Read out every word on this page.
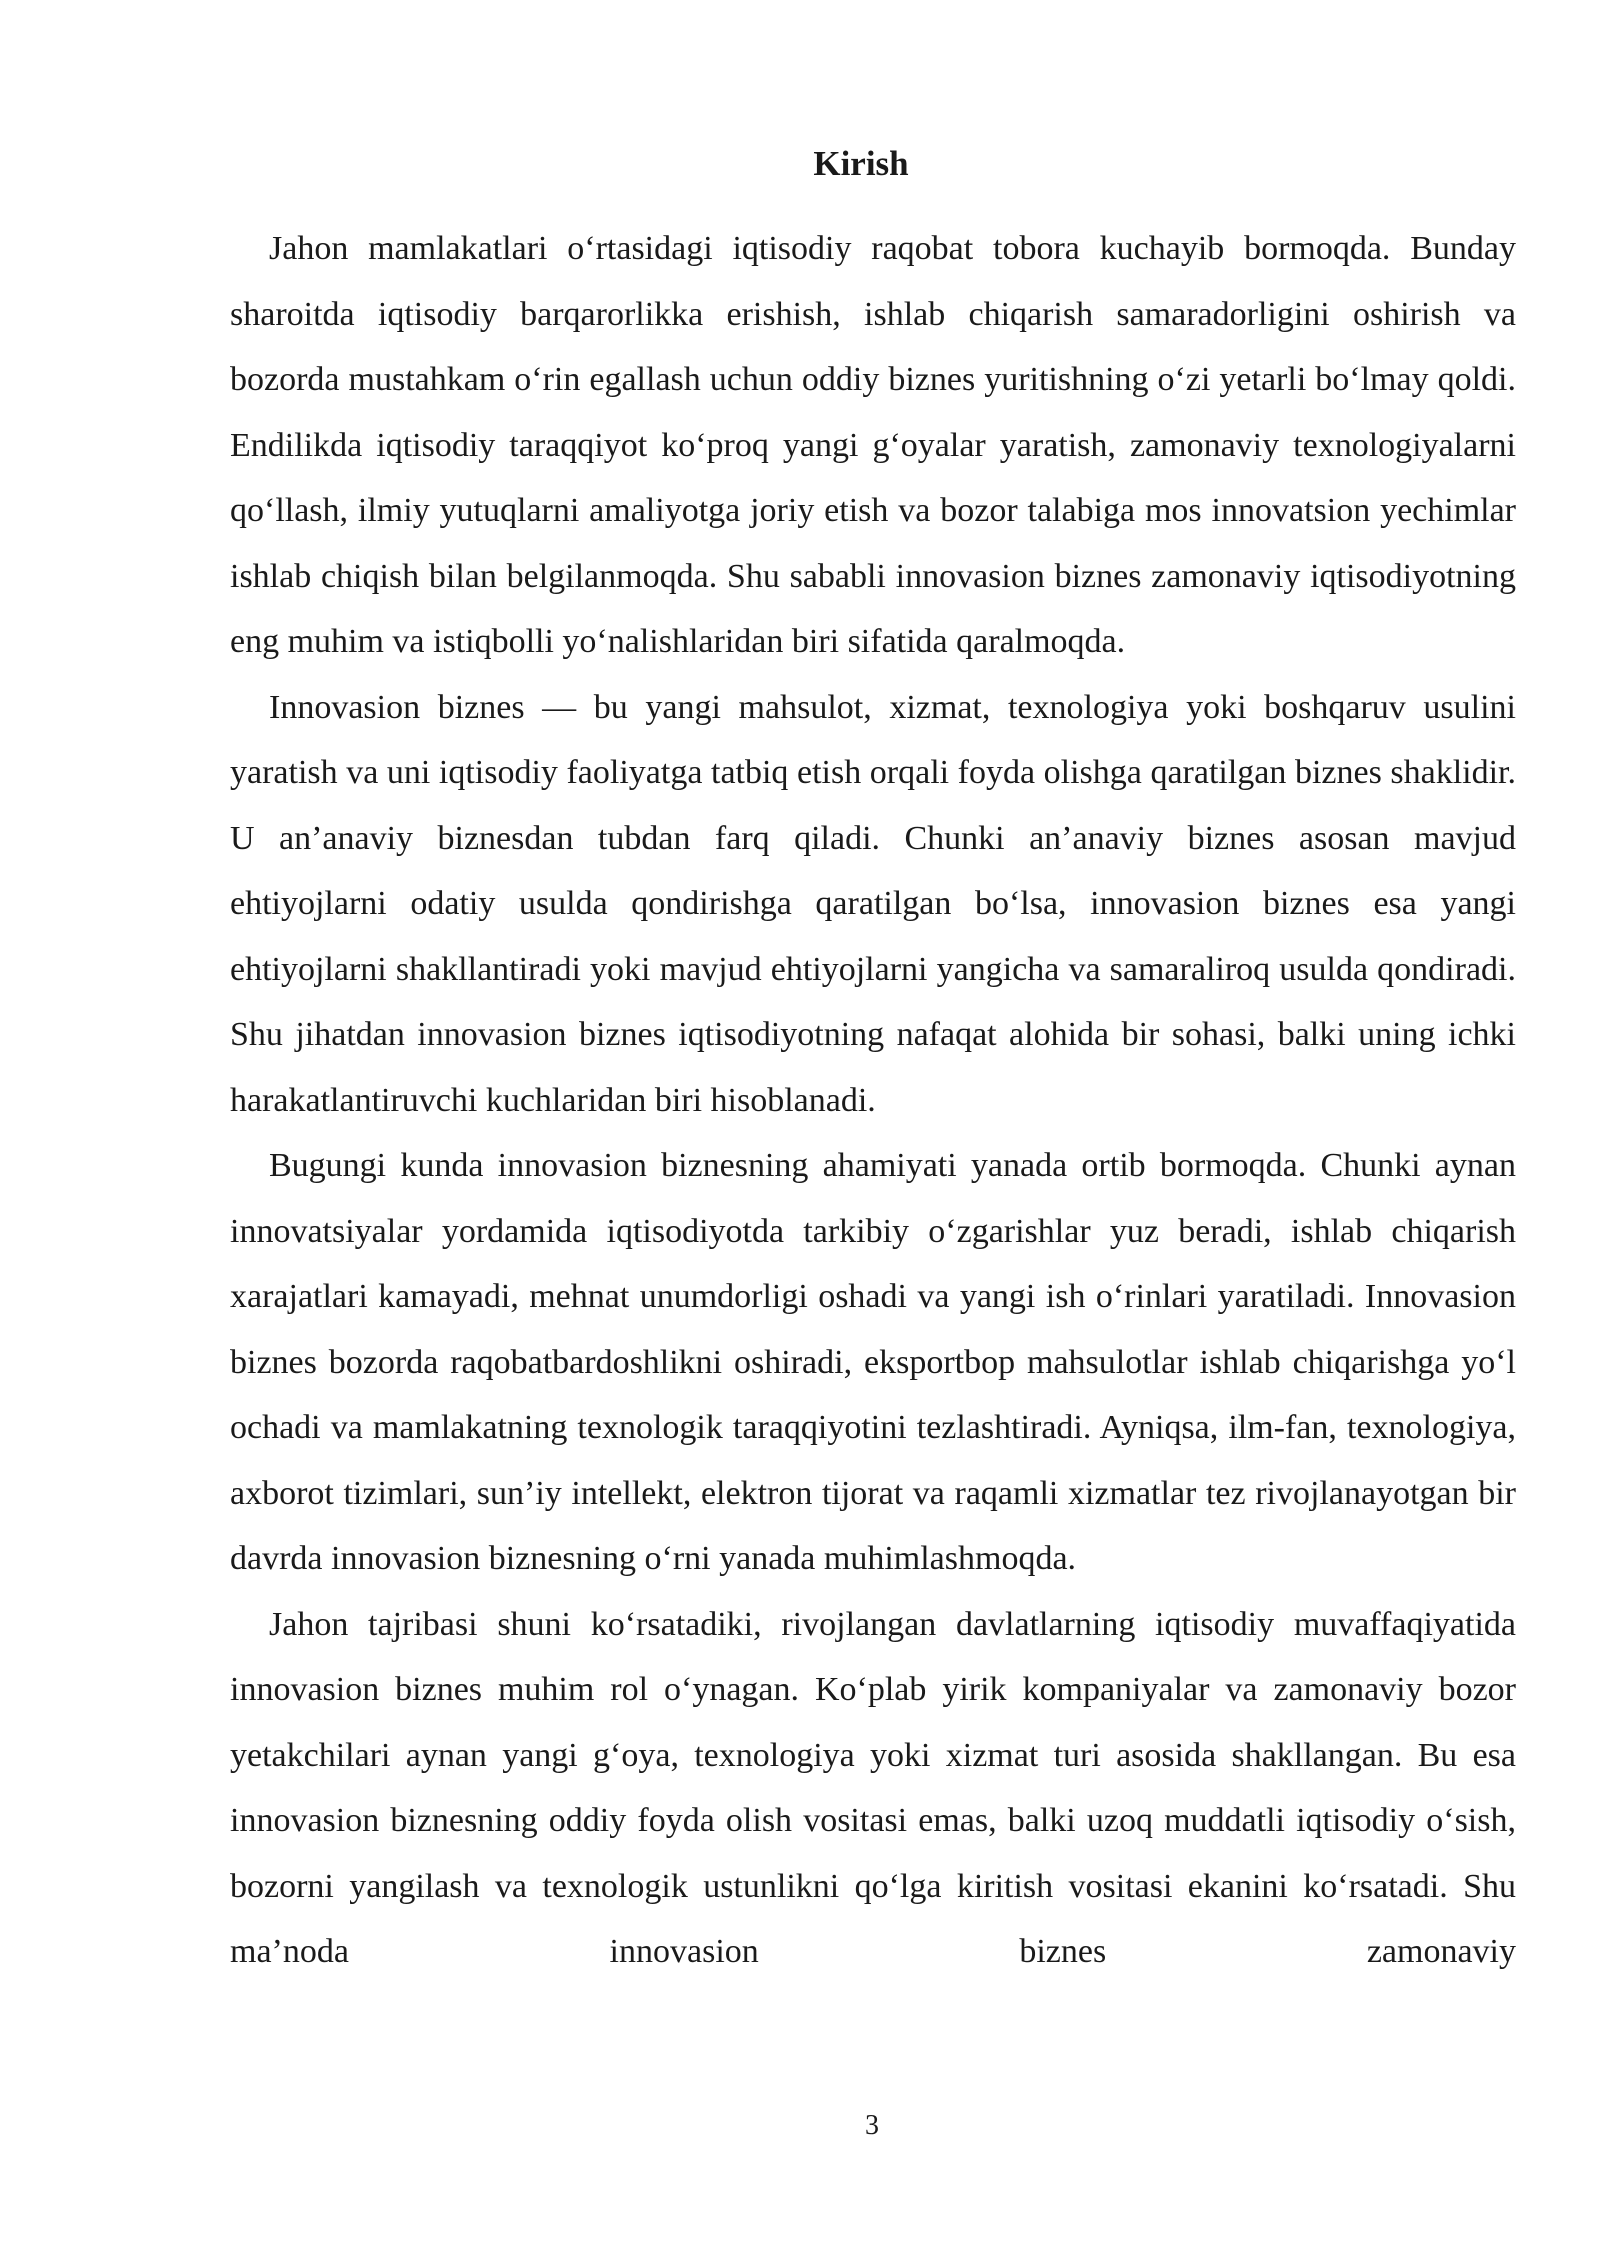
Kirish

Jahon mamlakatlari o‘rtasidagi iqtisodiy raqobat tobora kuchayib bormoqda. Bunday sharoitda iqtisodiy barqarorlikka erishish, ishlab chiqarish samaradorligini oshirish va bozorda mustahkam o‘rin egallash uchun oddiy biznes yuritishning o‘zi yetarli bo‘lmay qoldi. Endilikda iqtisodiy taraqqiyot ko‘proq yangi g‘oyalar yaratish, zamonaviy texnologiyalarni qo‘llash, ilmiy yutuqlarni amaliyotga joriy etish va bozor talabiga mos innovatsion yechimlar ishlab chiqish bilan belgilanmoqda. Shu sababli innovasion biznes zamonaviy iqtisodiyotning eng muhim va istiqbolli yo‘nalishlaridan biri sifatida qaralmoqda.

Innovasion biznes — bu yangi mahsulot, xizmat, texnologiya yoki boshqaruv usulini yaratish va uni iqtisodiy faoliyatga tatbiq etish orqali foyda olishga qaratilgan biznes shaklidir. U an’anaviy biznesdan tubdan farq qiladi. Chunki an’anaviy biznes asosan mavjud ehtiyojlarni odatiy usulda qondirishga qaratilgan bo‘lsa, innovasion biznes esa yangi ehtiyojlarni shakllantiradi yoki mavjud ehtiyojlarni yangicha va samaraliroq usulda qondiradi. Shu jihatdan innovasion biznes iqtisodiyotning nafaqat alohida bir sohasi, balki uning ichki harakatlantiruvchi kuchlaridan biri hisoblanadi.

Bugungi kunda innovasion biznesning ahamiyati yanada ortib bormoqda. Chunki aynan innovatsiyalar yordamida iqtisodiyotda tarkibiy o‘zgarishlar yuz beradi, ishlab chiqarish xarajatlari kamayadi, mehnat unumdorligi oshadi va yangi ish o‘rinlari yaratiladi. Innovasion biznes bozorda raqobatbardoshlikni oshiradi, eksportbop mahsulotlar ishlab chiqarishga yo‘l ochadi va mamlakatning texnologik taraqqiyotini tezlashtiradi. Ayniqsa, ilm-fan, texnologiya, axborot tizimlari, sun’iy intellekt, elektron tijorat va raqamli xizmatlar tez rivojlanayotgan bir davrda innovasion biznesning o‘rni yanada muhimlashmoqda.

Jahon tajribasi shuni ko‘rsatadiki, rivojlangan davlatlarning iqtisodiy muvaffaqiyatida innovasion biznes muhim rol o‘ynagan. Ko‘plab yirik kompaniyalar va zamonaviy bozor yetakchilari aynan yangi g‘oya, texnologiya yoki xizmat turi asosida shakllangan. Bu esa innovasion biznesning oddiy foyda olish vositasi emas, balki uzoq muddatli iqtisodiy o‘sish, bozorni yangilash va texnologik ustunlikni qo‘lga kiritish vositasi ekanini ko‘rsatadi. Shu ma’noda innovasion biznes zamonaviy

3
